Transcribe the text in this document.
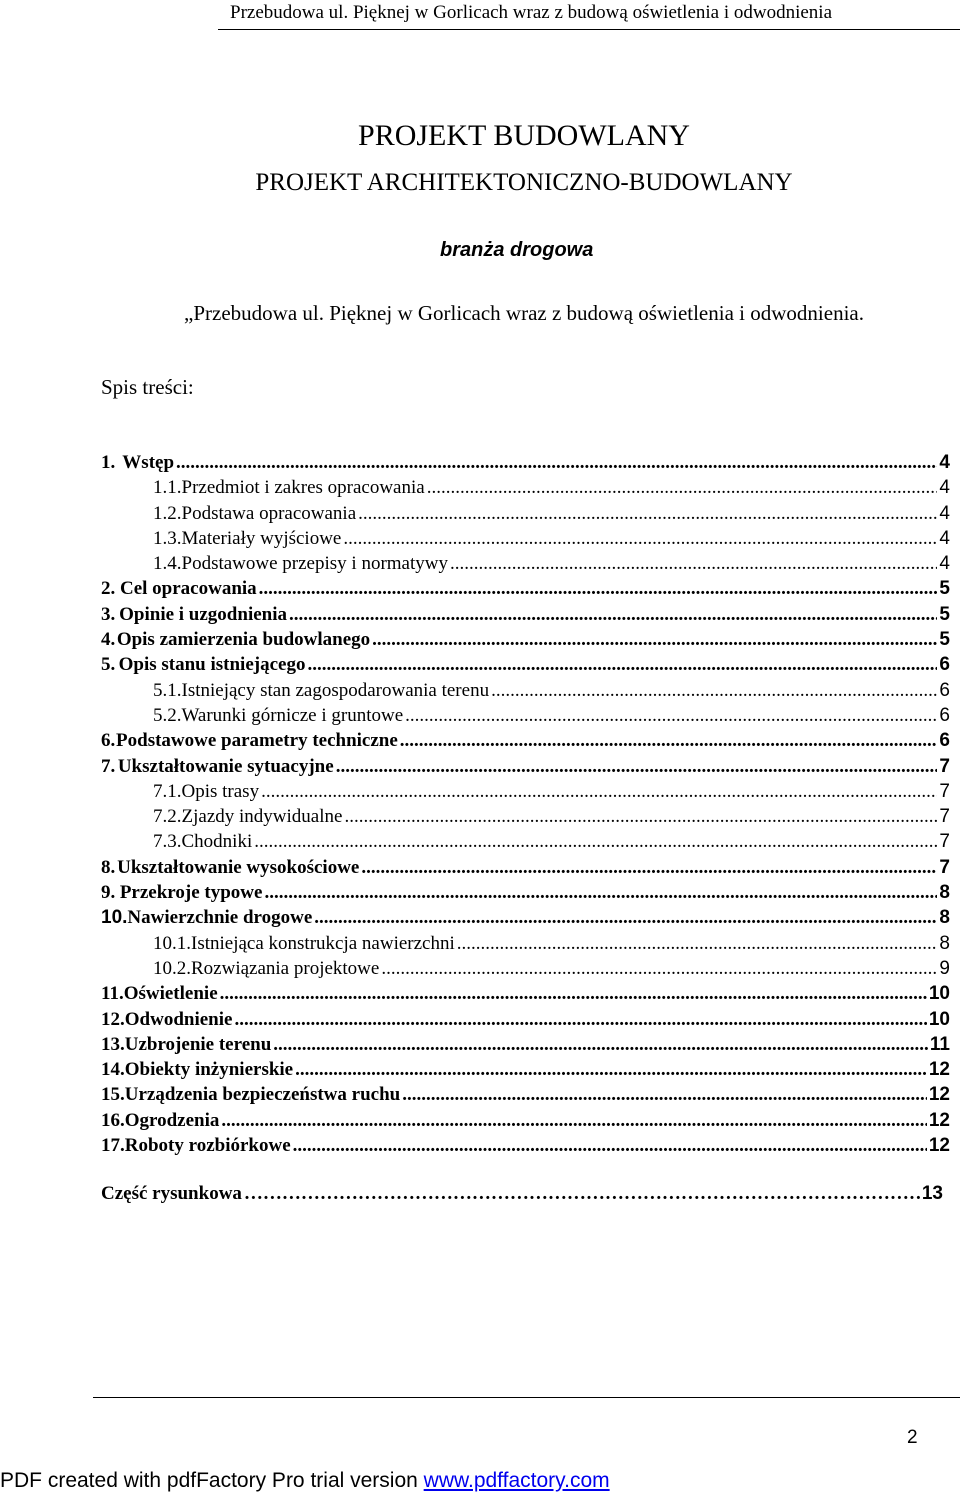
Przebudowa ul. Pięknej w Gorlicach wraz z budową oświetlenia i odwodnienia
PROJEKT BUDOWLANY
PROJEKT ARCHITEKTONICZNO-BUDOWLANY
branża drogowa
„Przebudowa ul. Pięknej w Gorlicach wraz z budową oświetlenia i odwodnienia.
Spis treści:
1. Wstęp .....	4
1.1. Przedmiot i zakres opracowania .....	4
1.2. Podstawa opracowania .....	4
1.3. Materiały wyjściowe .....	4
1.4. Podstawowe przepisy i normatywy .....	4
2. Cel opracowania .....	5
3. Opinie i uzgodnienia .....	5
4. Opis zamierzenia budowlanego .....	5
5. Opis stanu istniejącego .....	6
5.1. Istniejący stan zagospodarowania terenu .....	6
5.2. Warunki górnicze i gruntowe .....	6
6. Podstawowe parametry techniczne .....	6
7. Ukształtowanie sytuacyjne .....	7
7.1. Opis trasy .....	7
7.2. Zjazdy indywidualne .....	7
7.3. Chodniki .....	7
8. Ukształtowanie wysokościowe .....	7
9. Przekroje typowe .....	8
10. Nawierzchnie drogowe .....	8
10.1. Istniejąca konstrukcja nawierzchni .....	8
10.2. Rozwiązania projektowe .....	9
11. Oświetlenie .....	10
12. Odwodnienie .....	10
13. Uzbrojenie terenu .....	11
14. Obiekty inżynierskie .....	12
15. Urządzenia bezpieczeństwa ruchu .....	12
16. Ogrodzenia .....	12
17. Roboty rozbiórkowe .....	12
Część rysunkowa ……………………………………………………………………………………………………………………	13
2
PDF created with pdfFactory Pro trial version www.pdffactory.com
